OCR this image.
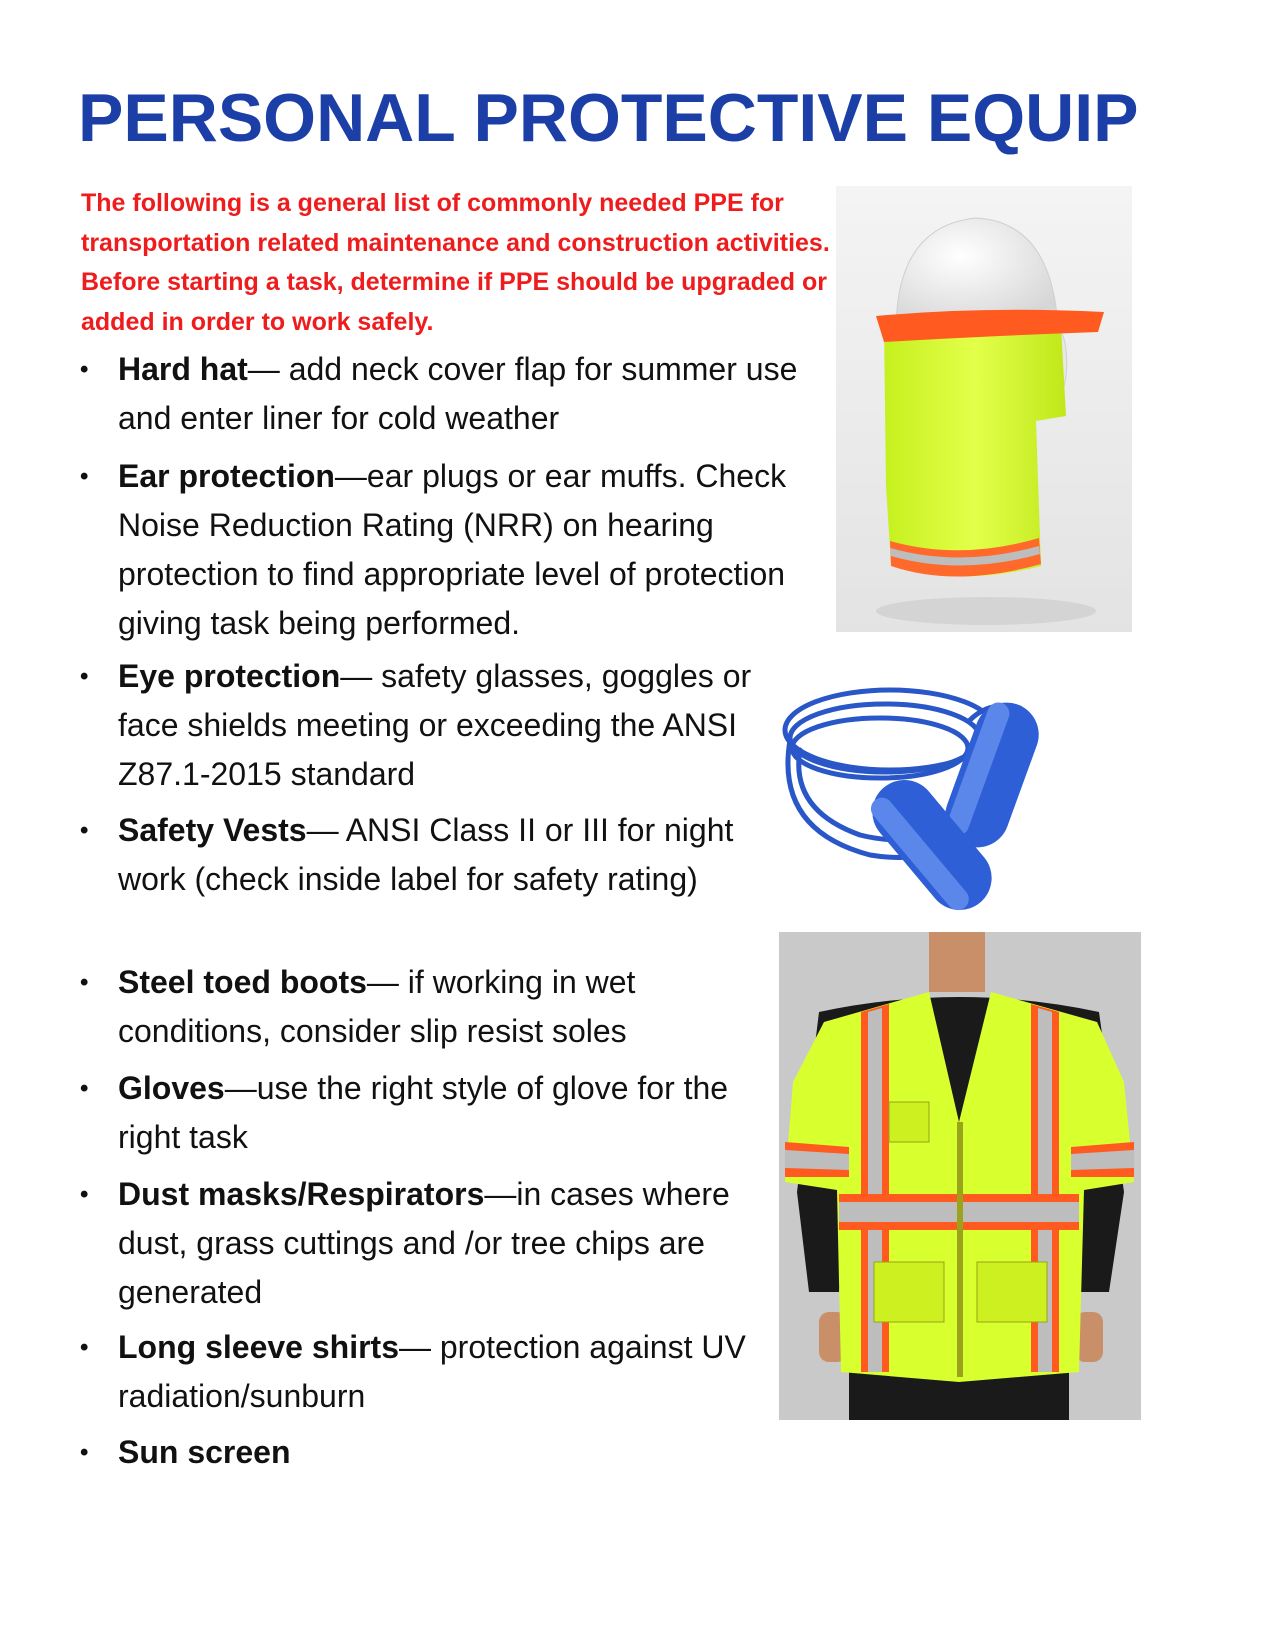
PERSONAL PROTECTIVE EQUIP

The following is a general list of commonly needed PPE for transportation related maintenance and construction activities. Before starting a task, determine if PPE should be upgraded or added in order to work safely.

• Hard hat— add neck cover flap for summer use and enter liner for cold weather
• Ear protection—ear plugs or ear muffs. Check Noise Reduction Rating (NRR) on hearing protection to find appropriate level of protection giving task being performed.
• Eye protection— safety glasses, goggles or face shields meeting or exceeding the ANSI Z87.1-2015 standard
• Safety Vests— ANSI Class II or III for night work (check inside label for safety rating)
• Steel toed boots— if working in wet conditions, consider slip resist soles
• Gloves—use the right style of glove for the right task
• Dust masks/Respirators—in cases where dust, grass cuttings and /or tree chips are generated
• Long sleeve shirts— protection against UV radiation/sunburn
• Sun screen
